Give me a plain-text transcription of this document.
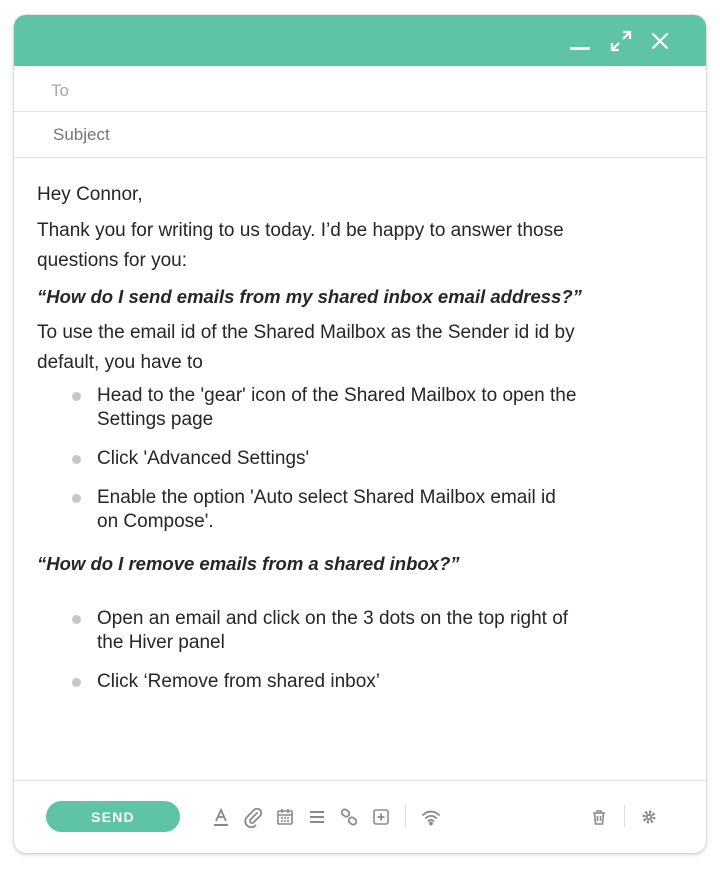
To
Subject
SEND

Hey Connor,

Thank you for writing to us today. I’d be happy to answer those questions for you:

“How do I send emails from my shared inbox email address?”

To use the email id of the Shared Mailbox as the Sender id id by default, you have to

Head to the 'gear' icon of the Shared Mailbox to open the Settings page
Click 'Advanced Settings'
Enable the option 'Auto select Shared Mailbox email id on Compose'.

“How do I remove emails from a shared inbox?”

Open an email and click on the 3 dots on the top right of the Hiver panel
Click ‘Remove from shared inbox’
